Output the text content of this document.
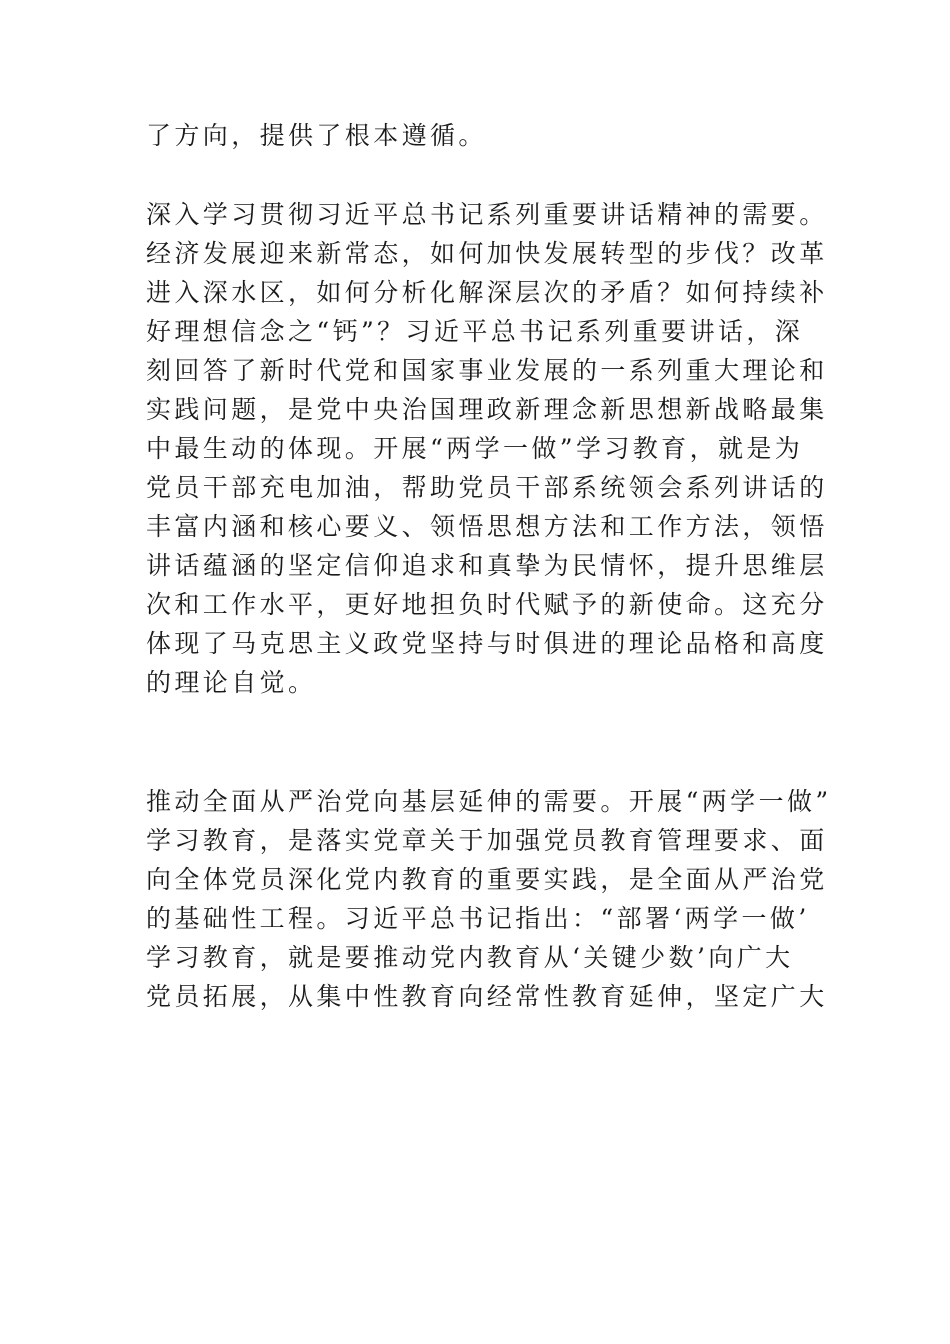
了方向，提供了根本遵循。
深入学习贯彻习近平总书记系列重要讲话精神的需要。
经济发展迎来新常态，如何加快发展转型的步伐？改革
进入深水区，如何分析化解深层次的矛盾？如何持续补
好理想信念之“钙”？习近平总书记系列重要讲话，深
刻回答了新时代党和国家事业发展的一系列重大理论和
实践问题，是党中央治国理政新理念新思想新战略最集
中最生动的体现。开展“两学一做”学习教育，就是为
党员干部充电加油，帮助党员干部系统领会系列讲话的
丰富内涵和核心要义、领悟思想方法和工作方法，领悟
讲话蕴涵的坚定信仰追求和真挚为民情怀，提升思维层
次和工作水平，更好地担负时代赋予的新使命。这充分
体现了马克思主义政党坚持与时俱进的理论品格和高度
的理论自觉。
推动全面从严治党向基层延伸的需要。开展“两学一做”
学习教育，是落实党章关于加强党员教育管理要求、面
向全体党员深化党内教育的重要实践，是全面从严治党
的基础性工程。习近平总书记指出：“部署‘两学一做’
学习教育，就是要推动党内教育从‘关键少数’向广大
党员拓展，从集中性教育向经常性教育延伸，坚定广大
